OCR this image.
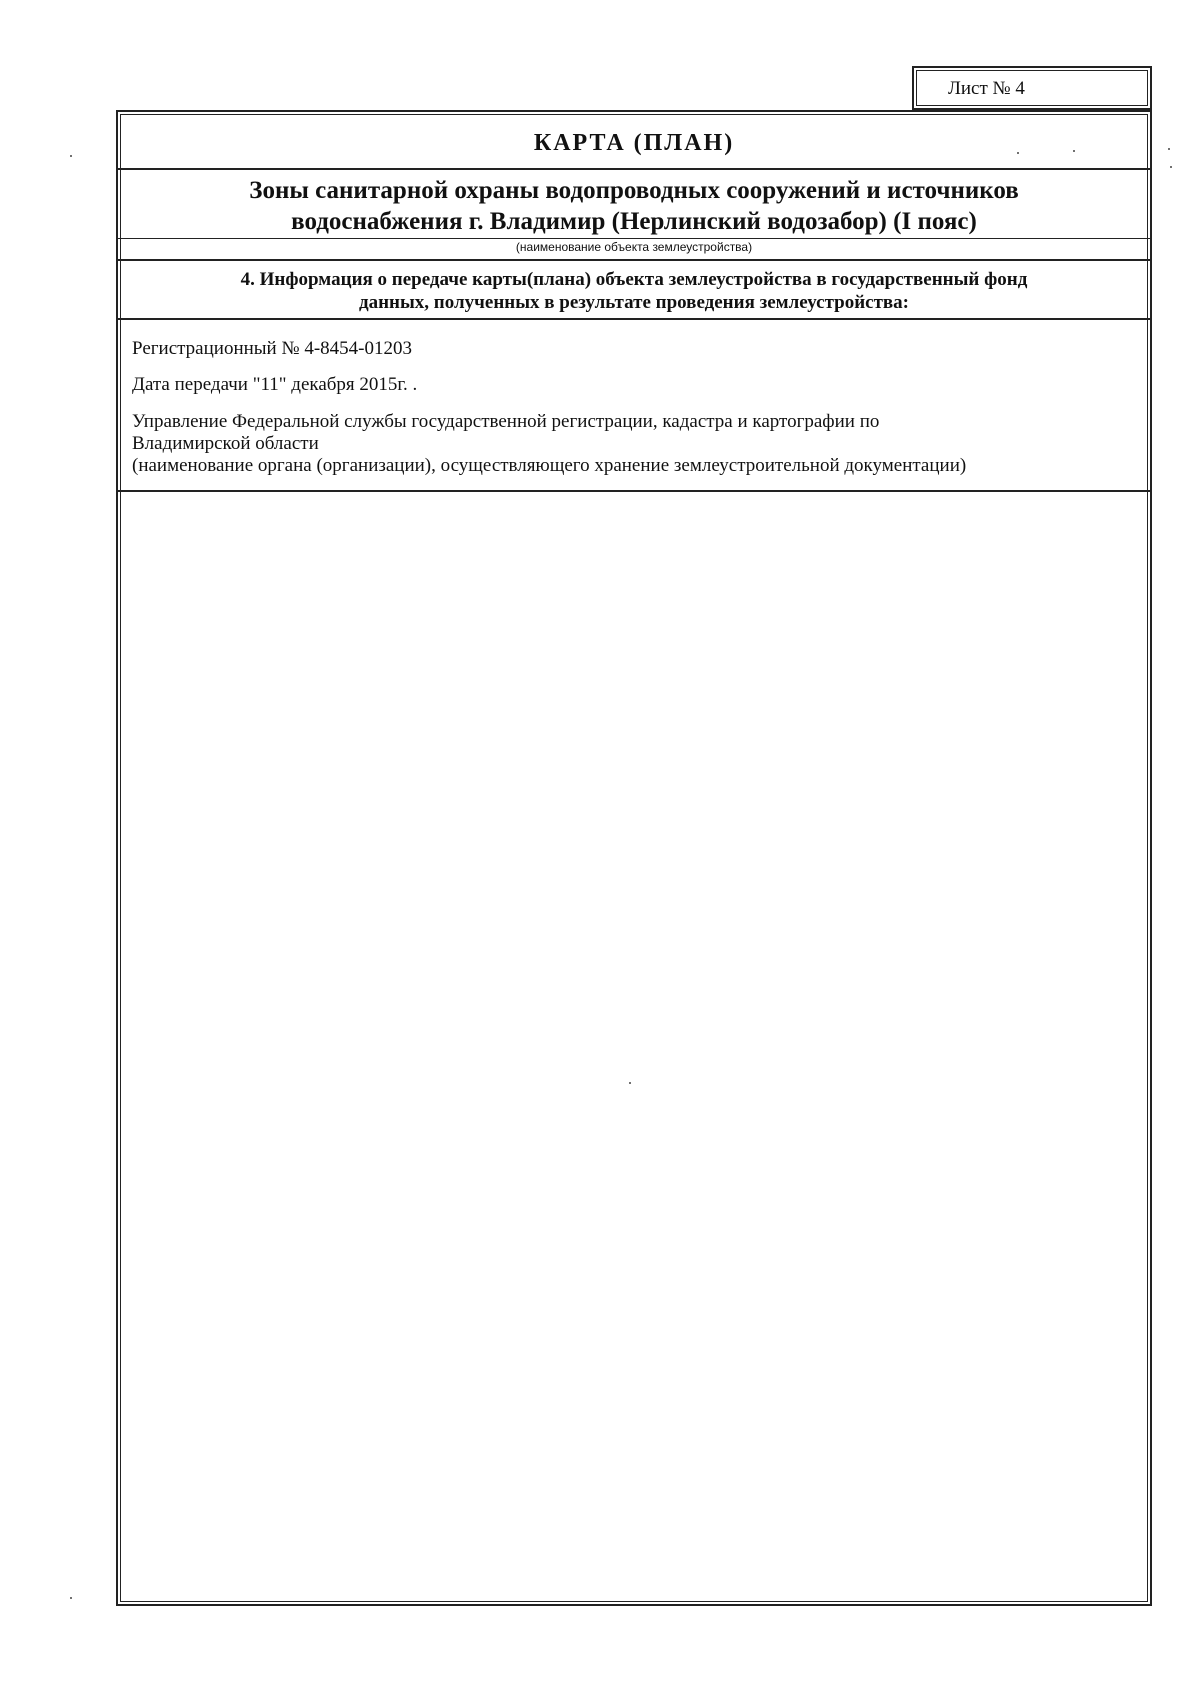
Лист № 4
КАРТА (ПЛАН)
Зоны санитарной охраны водопроводных сооружений и источников
водоснабжения г. Владимир (Нерлинский водозабор) (I пояс)
(наименование объекта землеустройства)
4. Информация о передаче карты(плана) объекта землеустройства в государственный фонд
данных, полученных в результате проведения землеустройства:
Регистрационный № 4-8454-01203
Дата передачи "11" декабря 2015г. .
Управление Федеральной службы государственной регистрации, кадастра и картографии по
Владимирской области
(наименование органа (организации), осуществляющего хранение землеустроительной документации)
